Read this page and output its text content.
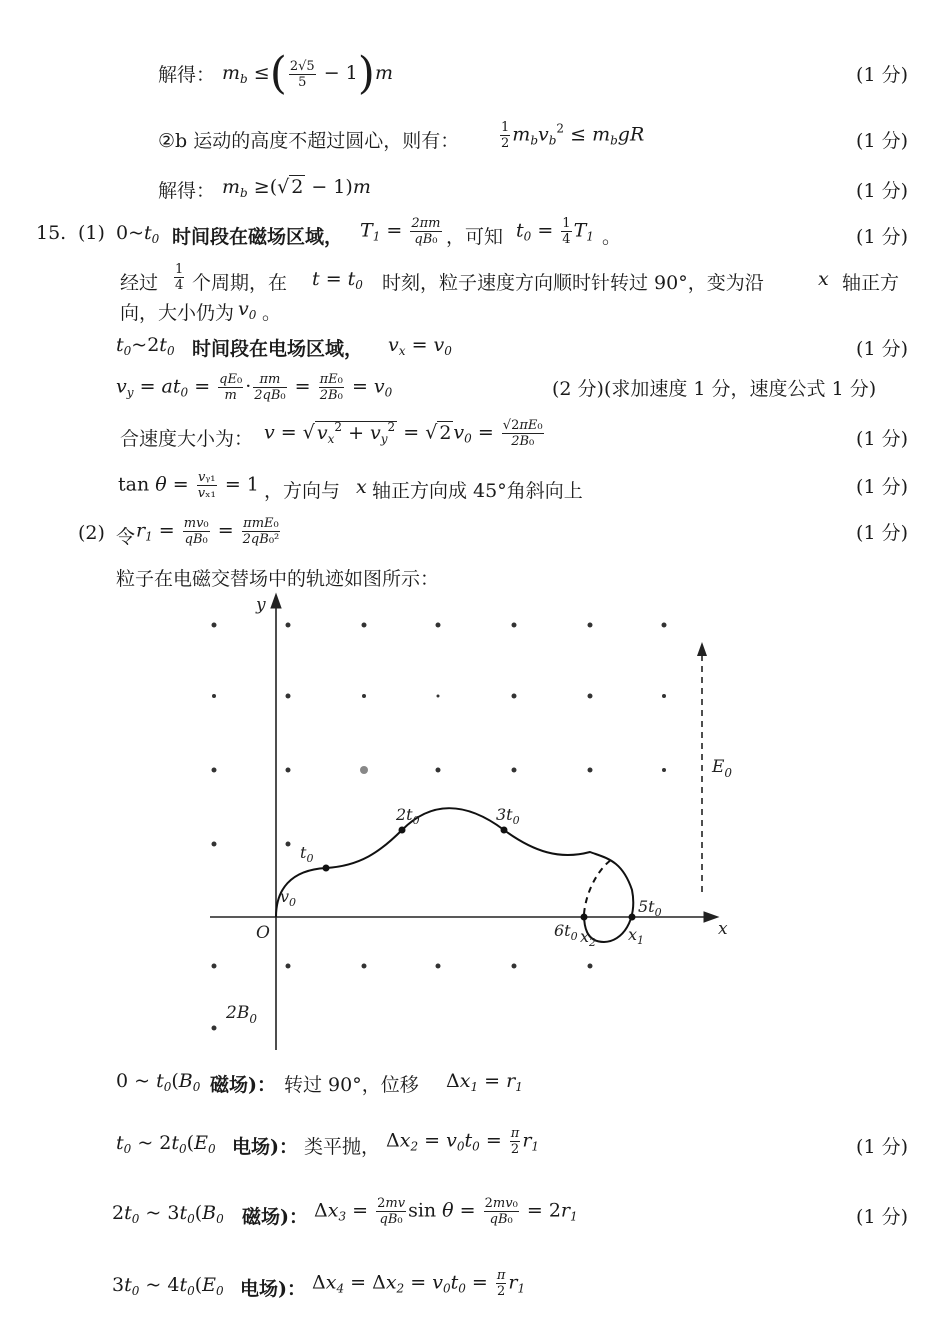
解得： $m_b$ ≤( $\frac{2√5}{5} - 1)m$	(1 分)
②b 运动的高度不超过圆心，则有：	$\frac{1}{2} m_bv_b^2 \le m_bgR$	(1 分)
解得： $m_b$ ≥(√ 2 − 1)m	(1 分)
15. (1) $0\sim t_0$ 时间段在磁场区域， $T_1 = \frac{2\pi m}{\text{qB₀}}$ ，可知 $t_0 = \frac{1}{4} T_1$ 。	(1 分)
经过 $\frac{1}{4}$ 个周期，在 $t = t_0$ 时刻，粒子速度方向顺时针转过 90°，变为沿	x 轴正方
向，大小仍为 $v_0$ 。
$t_0\sim 2t_0$ 时间段在电场区域， $v_x = v_0$	(1 分)
$v_y = at_0 = \frac{\text{qE₀}}{m} \cdot \frac{\pi m}{\text{2qB₀}} = \frac{\text{πE₀}}{\text{2B₀}} = v_0$	(2 分)(求加速度 1 分，速度公式 1 分)
合速度大小为： v = √ $v_x^2 + v_y^2$ = √ 2 $v_0 = \frac{\text{√2πE₀}}{\text{2B₀}}$	(1 分)
$\tan \theta = \frac{\text{vᵧ₁}}{\text{vₓ₁}} = 1$ ，方向与 x 轴正方向成 45°角斜向上	(1 分)
(2) 令 $r_1 = \frac{\text{mv₀}}{\text{qB₀}} = \frac{\text{πmE₀}}{\text{2qB₀²}}$	(1 分)
粒子在电磁交替场中的轨迹如图所示：
y
x
O
$E_0$
$2B_0$
$t_0$
$2t_0$	$3t_0$
$5t_0$
$6t_0$
$v_0$
$x_1$
$x_2$
0 ~ $t_0(B_0$ 磁场)： 转过 90°，位移 $\Delta x_1 = r_1$
$t_0$ ~ $2t_0(E_0$ 电场)： 类平抛， $\Delta x_2 = v_0t_0 = \frac{\pi}{2} r_1$	(1 分)
$2t_0$ ~ $3t_0(B_0$ 磁场)： $\Delta x_3 = \frac{2mv}{\text{qB₀}}$ $\sin \theta = \frac{\text{2mv₀}}{\text{qB₀}} = 2r_1$	(1 分)
$3t_0$ ~ $4t_0(E_0$ 电场)： $\Delta x_4 = \Delta x_2 = v_0t_0 = \frac{\pi}{2} r_1$
